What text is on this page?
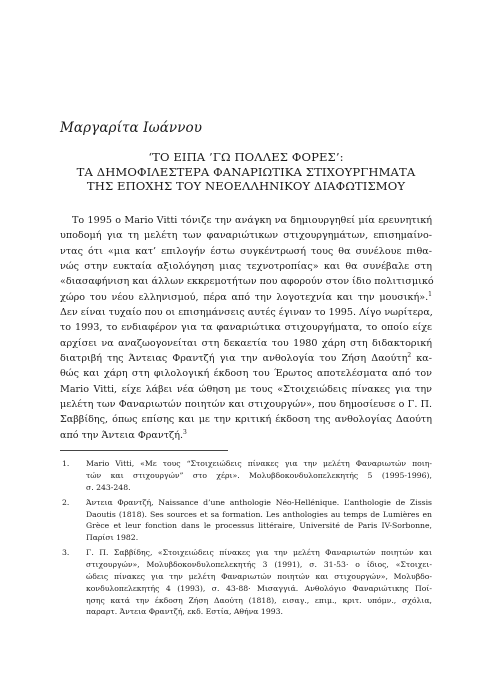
Μαργαρίτα Ιωάννου
‘ΤΟ ΕΙΠΑ ’ΓΩ ΠΟΛΛΕΣ ΦΟΡΕΣ’:
ΤΑ ΔΗΜΟΦΙΛΕΣΤΕΡΑ ΦΑΝΑΡΙΩΤΙΚΑ ΣΤΙΧΟΥΡΓΗΜΑΤΑ
ΤΗΣ ΕΠΟΧΗΣ ΤΟΥ ΝΕΟΕΛΛΗΝΙΚΟΥ ΔΙΑΦΩΤΙΣΜΟΥ
Το 1995 ο Mario Vitti τόνιζε την ανάγκη να δημιουργηθεί μία ερευνητική
υποδομή για τη μελέτη των φαναριώτικων στιχουργημάτων, επισημαίνο-
ντας ότι «μια κατ’ επιλογήν έστω συγκέντρωσή τους θα συνέλουε πιθα-
νώς στην ευκταία αξιολόγηση μιας τεχνοτροπίας» και θα συνέβαλε στη
«διασαφήνιση και άλλων εκκρεμοτήτων που αφορούν στον ίδιο πολιτισμικό
χώρο του νέου ελληνισμού, πέρα από την λογοτεχνία και την μουσική».$^1$
Δεν είναι τυχαίο που οι επισημάνσεις αυτές έγιναν το 1995. Λίγο νωρίτερα,
το 1993, το ενδιαφέρον για τα φαναριώτικα στιχουργήματα, το οποίο είχε
αρχίσει να αναζωογονείται στη δεκαετία του 1980 χάρη στη διδακτορική
διατριβή της Άντειας Φραντζή για την ανθολογία του Ζήση Δαούτη$^2$ κα-
θώς και χάρη στη φιλολογική έκδοση του Έρωτος αποτελέσματα από τον
Mario Vitti, είχε λάβει νέα ώθηση με τους «Στοιχειώδεις πίνακες για την
μελέτη των Φαναριωτών ποιητών και στιχουργών», που δημοσίευσε ο Γ. Π.
Σαββίδης, όπως επίσης και με την κριτική έκδοση της ανθολογίας Δαούτη
από την Άντεια Φραντζή.$^3$
1. Mario Vitti, «Με τους “Στοιχειώδεις πίνακες για την μελέτη Φαναριωτών ποιη-
τών και στιχουργών” στο χέρι». Μολυβδοκονδυλοπελεκητής 5 (1995-1996),
σ. 243-248.
2. Άντεια Φραντζή, Naissance d’une anthologie Néo-Hellénique. L’anthologie de Zissis
Daoutis (1818). Ses sources et sa formation. Les anthologies au temps de Lumières en
Grèce et leur fonction dans le processus littéraire, Université de Paris IV-Sorbonne,
Παρίσι 1982.
3. Γ. Π. Σαββίδης, «Στοιχειώδεις πίνακες για την μελέτη Φαναριωτών ποιητών και
στιχουργών», Μολυβδοκονδυλοπελεκητής 3 (1991), σ. 31-53· ο ίδιος, «Στοιχει-
ώδεις πίνακες για την μελέτη Φαναριωτών ποιητών και στιχουργών», Μολυβδο-
κονδυλοπελεκητής 4 (1993), σ. 43-88· Μισαγγιά. Ανθολόγιο Φαναριώτικης Ποί-
ησης κατά την έκδοση Ζήση Δαούτη (1818), εισαγ., επιμ., κριτ. υπόμν., σχόλια,
παραρτ. Άντεια Φραντζή, εκδ. Εστία, Αθήνα 1993.
